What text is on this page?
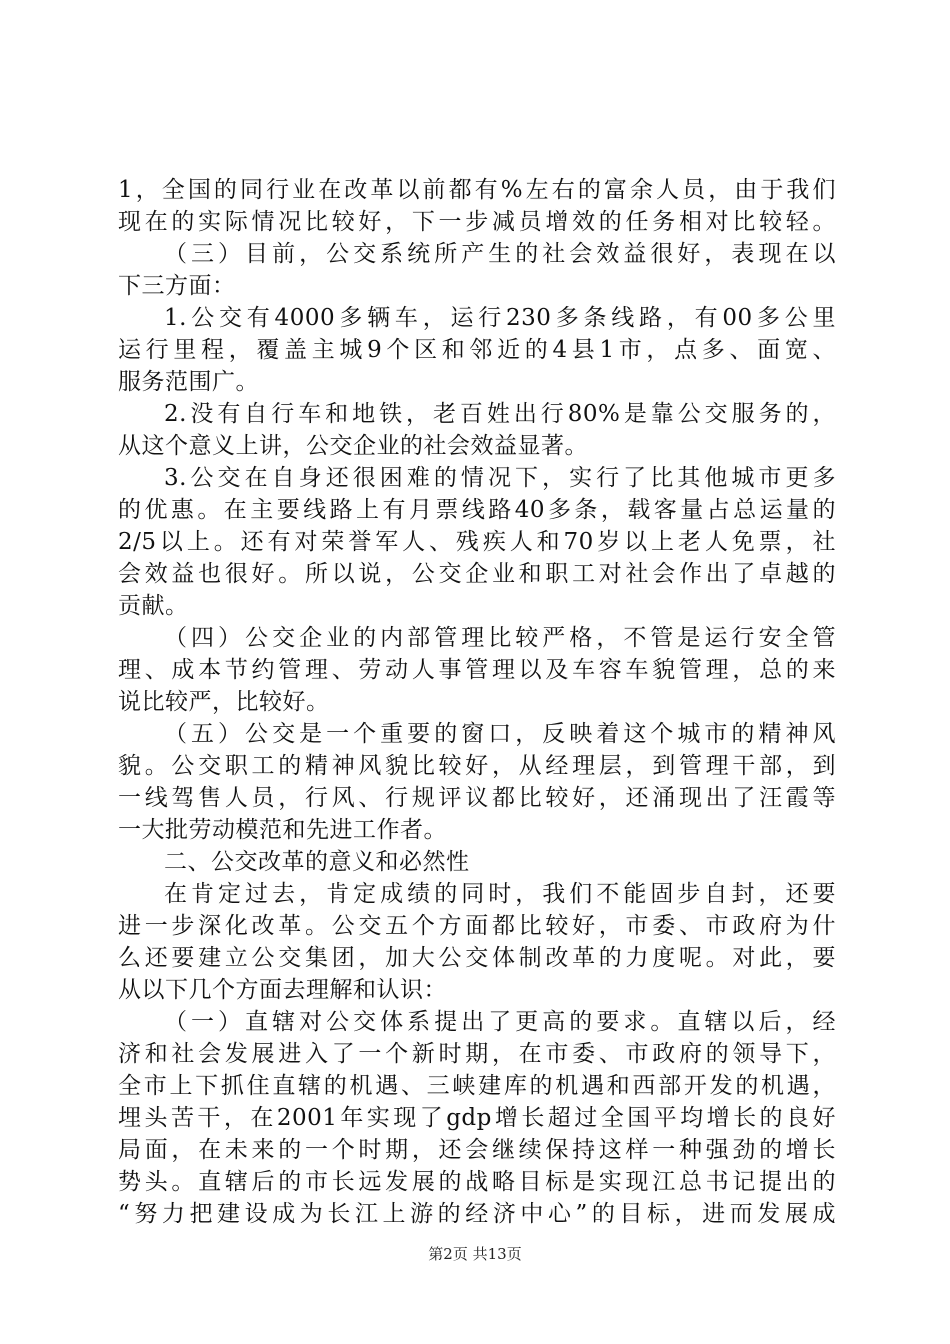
1，全国的同行业在改革以前都有%左右的富余人员，由于我们
现在的实际情况比较好，下一步减员增效的任务相对比较轻。
（三）目前，公交系统所产生的社会效益很好，表现在以
下三方面：
1.公交有4000多辆车，运行230多条线路，有00多公里
运行里程，覆盖主城9个区和邻近的4县1市，点多、面宽、
服务范围广。
2.没有自行车和地铁，老百姓出行80%是靠公交服务的，
从这个意义上讲，公交企业的社会效益显著。
3.公交在自身还很困难的情况下，实行了比其他城市更多
的优惠。在主要线路上有月票线路40多条，载客量占总运量的
2/5以上。还有对荣誉军人、残疾人和70岁以上老人免票，社
会效益也很好。所以说，公交企业和职工对社会作出了卓越的
贡献。
（四）公交企业的内部管理比较严格，不管是运行安全管
理、成本节约管理、劳动人事管理以及车容车貌管理，总的来
说比较严，比较好。
（五）公交是一个重要的窗口，反映着这个城市的精神风
貌。公交职工的精神风貌比较好，从经理层，到管理干部，到
一线驾售人员，行风、行规评议都比较好，还涌现出了汪霞等
一大批劳动模范和先进工作者。
二、公交改革的意义和必然性
在肯定过去，肯定成绩的同时，我们不能固步自封，还要
进一步深化改革。公交五个方面都比较好，市委、市政府为什
么还要建立公交集团，加大公交体制改革的力度呢。对此，要
从以下几个方面去理解和认识：
（一）直辖对公交体系提出了更高的要求。直辖以后，经
济和社会发展进入了一个新时期，在市委、市政府的领导下，
全市上下抓住直辖的机遇、三峡建库的机遇和西部开发的机遇，
埋头苦干，在2001年实现了gdp增长超过全国平均增长的良好
局面，在未来的一个时期，还会继续保持这样一种强劲的增长
势头。直辖后的市长远发展的战略目标是实现江总书记提出的
“努力把建设成为长江上游的经济中心”的目标，进而发展成
第2页 共13页
